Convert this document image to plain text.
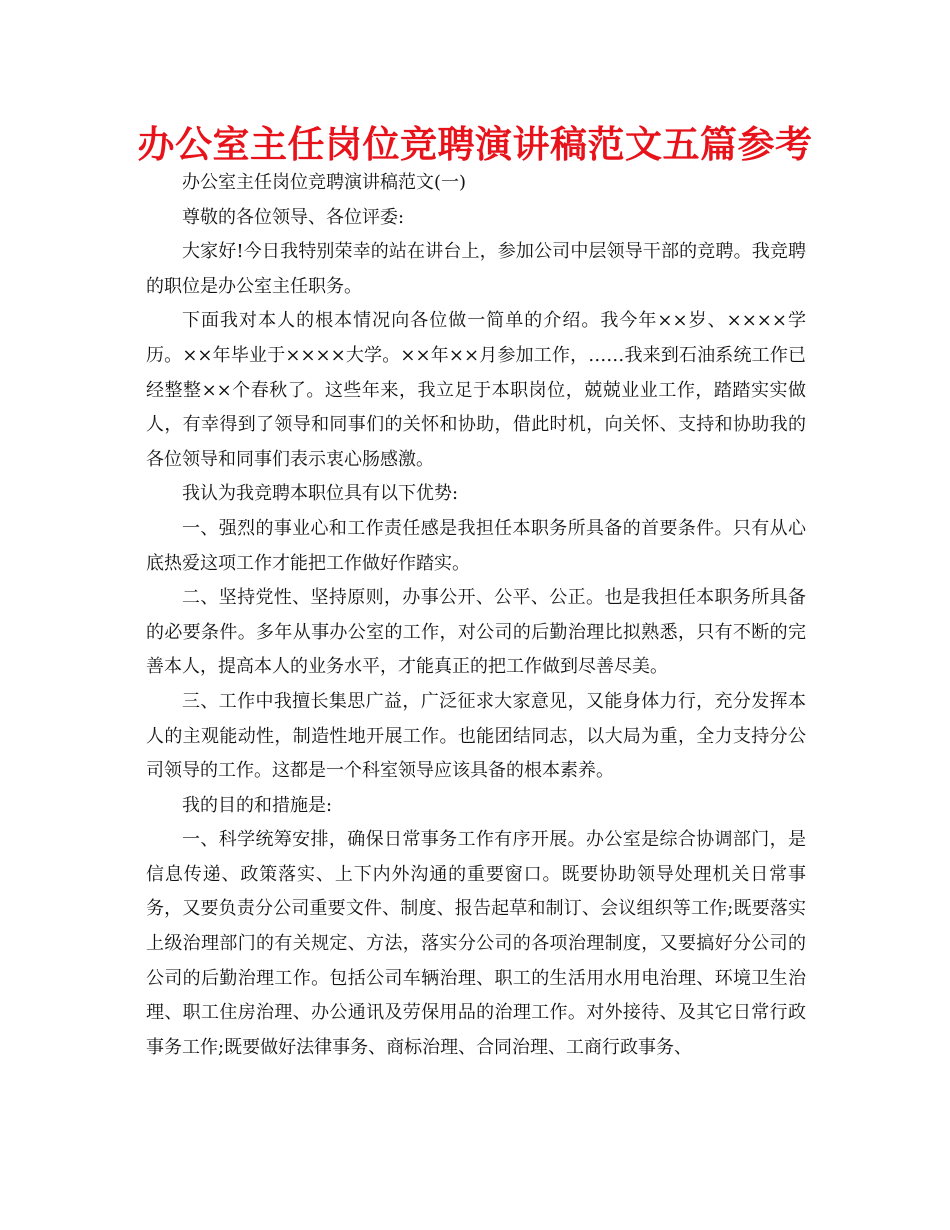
办公室主任岗位竞聘演讲稿范文五篇参考

办公室主任岗位竞聘演讲稿范文(一)

尊敬的各位领导、各位评委:

大家好!今日我特别荣幸的站在讲台上，参加公司中层领导干部的竞聘。我竞聘的职位是办公室主任职务。

下面我对本人的根本情况向各位做一简单的介绍。我今年××岁、××××学历。××年毕业于××××大学。××年××月参加工作，……我来到石油系统工作已经整整××个春秋了。这些年来，我立足于本职岗位，兢兢业业工作，踏踏实实做人，有幸得到了领导和同事们的关怀和协助，借此时机，向关怀、支持和协助我的各位领导和同事们表示衷心肠感激。

我认为我竞聘本职位具有以下优势:

一、强烈的事业心和工作责任感是我担任本职务所具备的首要条件。只有从心底热爱这项工作才能把工作做好作踏实。

二、坚持党性、坚持原则，办事公开、公平、公正。也是我担任本职务所具备的必要条件。多年从事办公室的工作，对公司的后勤治理比拟熟悉，只有不断的完善本人，提高本人的业务水平，才能真正的把工作做到尽善尽美。

三、工作中我擅长集思广益，广泛征求大家意见，又能身体力行，充分发挥本人的主观能动性，制造性地开展工作。也能团结同志，以大局为重，全力支持分公司领导的工作。这都是一个科室领导应该具备的根本素养。

我的目的和措施是:

一、科学统筹安排，确保日常事务工作有序开展。办公室是综合协调部门，是信息传递、政策落实、上下内外沟通的重要窗口。既要协助领导处理机关日常事务，又要负责分公司重要文件、制度、报告起草和制订、会议组织等工作;既要落实上级治理部门的有关规定、方法，落实分公司的各项治理制度，又要搞好分公司的公司的后勤治理工作。包括公司车辆治理、职工的生活用水用电治理、环境卫生治理、职工住房治理、办公通讯及劳保用品的治理工作。对外接待、及其它日常行政事务工作;既要做好法律事务、商标治理、合同治理、工商行政事务、
